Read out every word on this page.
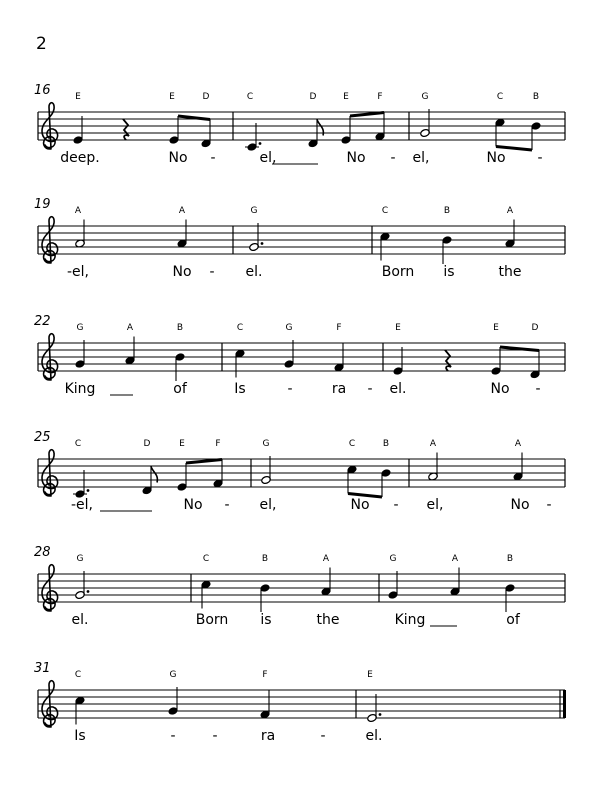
2
16	E	E	D	C	D	E	F	G	C	B
deep.	No -	el,	No - el,	No -
19	A	A	G	C	B	A
-el,	No - el.	Born is	the
22	G	A	B	C	G	F	E	E	D
King	of	Is	-	ra - el.	No -
25	C	D	E	F	G	C	B	A	A
-el,	No - el,	No - el,	No -
28	G	C	B	A	G	A	B
el.	Born is	the	King	of
31	C	G	F	E
Is	-	-	ra	-	el.
